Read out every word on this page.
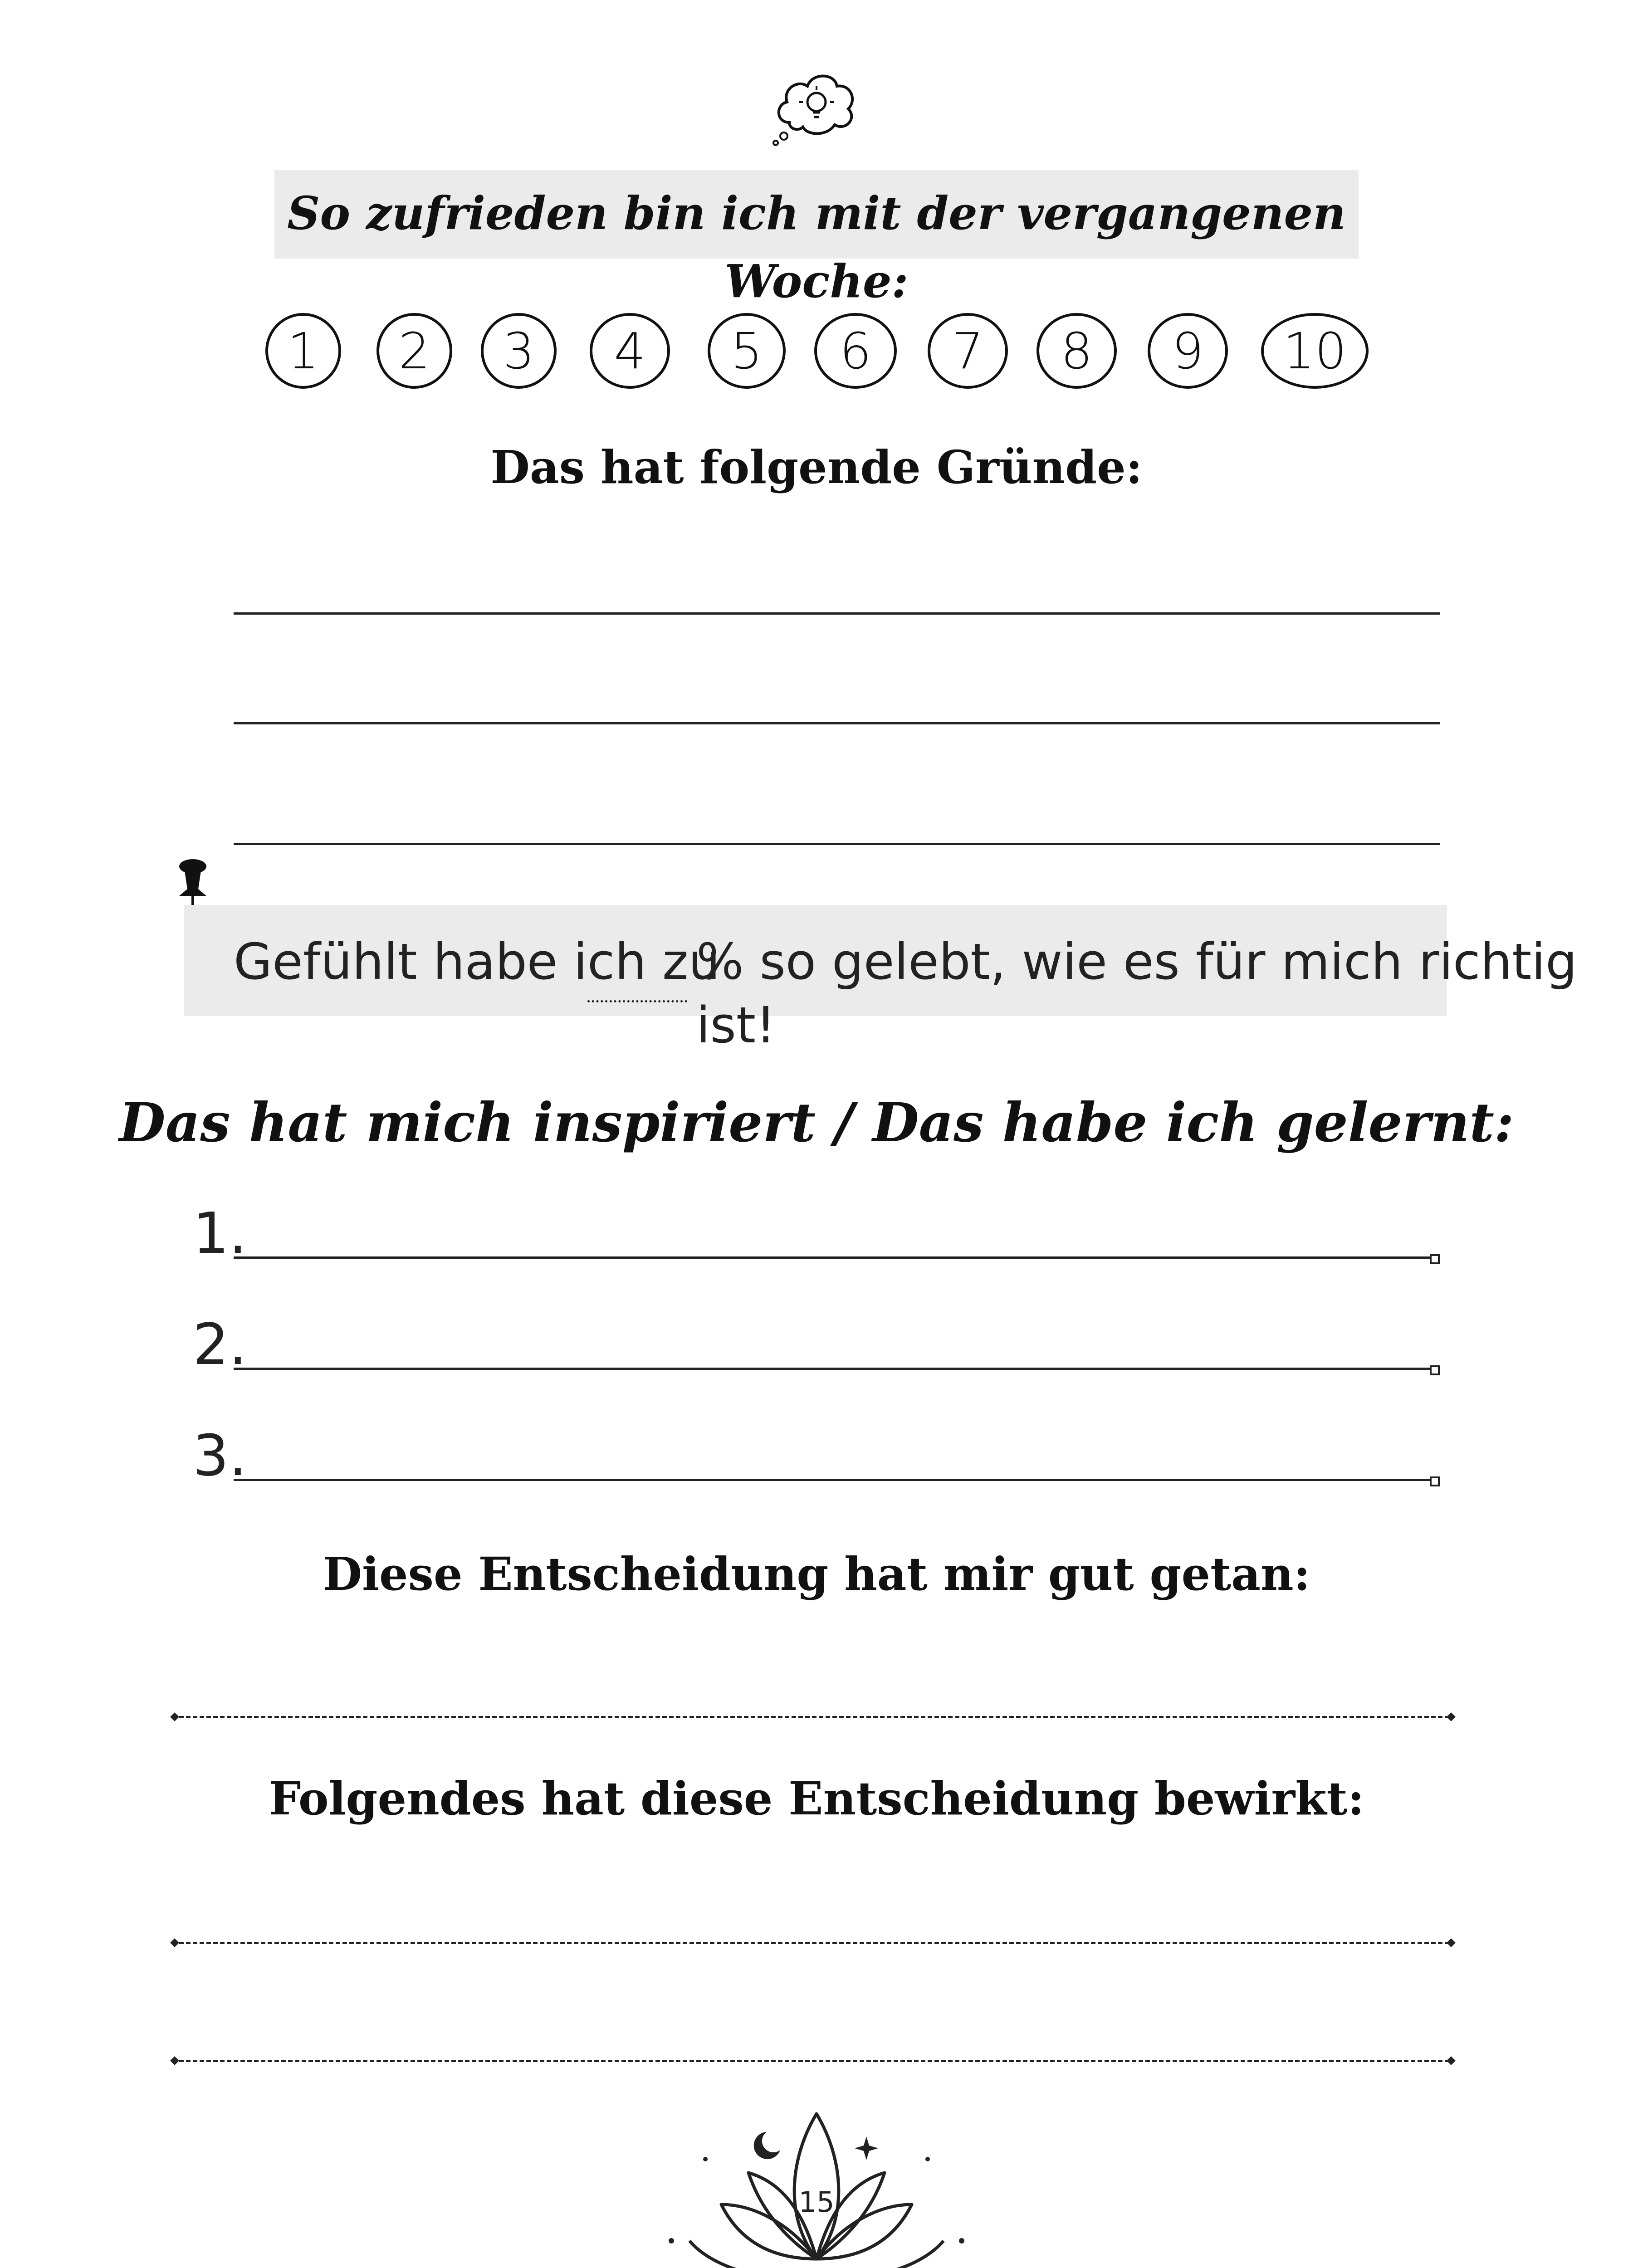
So zufrieden bin ich mit der vergangenen Woche:
1 2 3 4 5 6 7 8 9 10
Das hat folgende Gründe:
Gefühlt habe ich zu
% so gelebt, wie es für mich richtig ist!
Das hat mich inspiriert / Das habe ich gelernt:
1.
2.
3.
Diese Entscheidung hat mir gut getan:
Folgendes hat diese Entscheidung bewirkt:
15
